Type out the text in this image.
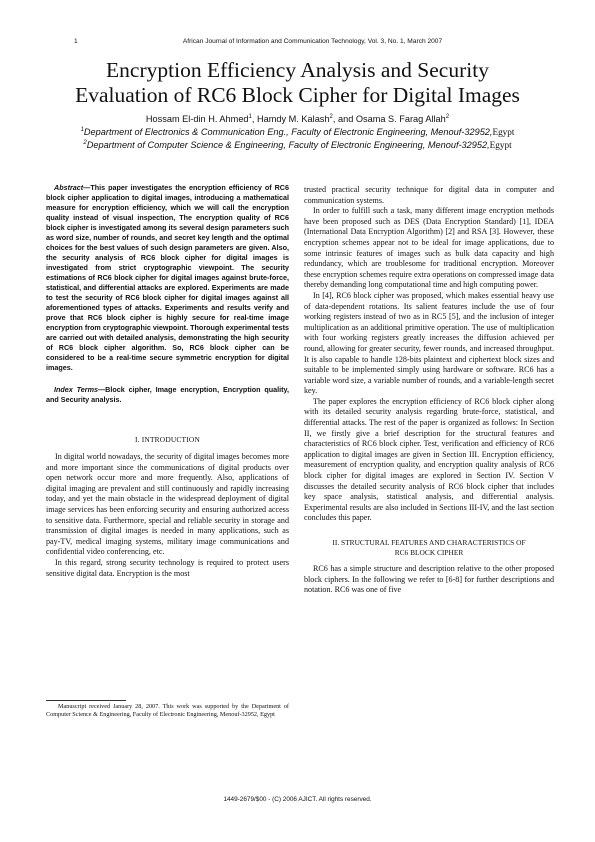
1	African Journal of Information and Communication Technology, Vol. 3, No. 1, March 2007
Encryption Efficiency Analysis and Security
Evaluation of RC6 Block Cipher for Digital Images
Hossam El-din H. Ahmed$^1$, Hamdy M. Kalash$^2$, and Osama S. Farag Allah$^2$
$^1$Department of Electronics & Communication Eng., Faculty of Electronic Engineering, Menouf-32952,Egypt
$^2$Department of Computer Science & Engineering, Faculty of Electronic Engineering, Menouf-32952,Egypt

Abstract—This paper investigates the encryption efficiency of RC6 block cipher application to digital images, introducing a mathematical measure for encryption efficiency, which we will call the encryption quality instead of visual inspection, The encryption quality of RC6 block cipher is investigated among its several design parameters such as word size, number of rounds, and secret key length and the optimal choices for the best values of such design parameters are given. Also, the security analysis of RC6 block cipher for digital images is investigated from strict cryptographic viewpoint. The security estimations of RC6 block cipher for digital images against brute-force, statistical, and differential attacks are explored. Experiments are made to test the security of RC6 block cipher for digital images against all aforementioned types of attacks. Experiments and results verify and prove that RC6 block cipher is highly secure for real-time image encryption from cryptographic viewpoint. Thorough experimental tests are carried out with detailed analysis, demonstrating the high security of RC6 block cipher algorithm. So, RC6 block cipher can be considered to be a real-time secure symmetric encryption for digital images.

Index Terms—Block cipher, Image encryption, Encryption quality, and Security analysis.

I. INTRODUCTION

In digital world nowadays, the security of digital images becomes more and more important since the communications of digital products over open network occur more and more frequently. Also, applications of digital imaging are prevalent and still continuously and rapidly increasing today, and yet the main obstacle in the widespread deployment of digital image services has been enforcing security and ensuring authorized access to sensitive data. Furthermore, special and reliable security in storage and transmission of digital images is needed in many applications, such as pay-TV, medical imaging systems, military image communications and confidential video conferencing, etc.

In this regard, strong security technology is required to protect users sensitive digital data. Encryption is the most

Manuscript received January 28, 2007. This work was supported by the Department of Computer Science & Engineering, Faculty of Electronic Engineering, Menouf-32952, Egypt

trusted practical security technique for digital data in computer and communication systems.

In order to fulfill such a task, many different image encryption methods have been proposed such as DES (Data Encryption Standard) [1], IDEA (International Data Encryption Algorithm) [2] and RSA [3]. However, these encryption schemes appear not to be ideal for image applications, due to some intrinsic features of images such as bulk data capacity and high redundancy, which are troublesome for traditional encryption. Moreover these encryption schemes require extra operations on compressed image data thereby demanding long computational time and high computing power.

In [4], RC6 block cipher was proposed, which makes essential heavy use of data-dependent rotations. Its salient features include the use of four working registers instead of two as in RC5 [5], and the inclusion of integer multiplication as an additional primitive operation. The use of multiplication with four working registers greatly increases the diffusion achieved per round, allowing for greater security, fewer rounds, and increased throughput. It is also capable to handle 128-bits plaintext and ciphertext block sizes and suitable to be implemented simply using hardware or software. RC6 has a variable word size, a variable number of rounds, and a variable-length secret key.

The paper explores the encryption efficiency of RC6 block cipher along with its detailed security analysis regarding brute-force, statistical, and differential attacks. The rest of the paper is organized as follows: In Section II, we firstly give a brief description for the structural features and characteristics of RC6 block cipher. Test, verification and efficiency of RC6 application to digital images are given in Section III. Encryption efficiency, measurement of encryption quality, and encryption quality analysis of RC6 block cipher for digital images are explored in Section IV. Section V discusses the detailed security analysis of RC6 block cipher that includes key space analysis, statistical analysis, and differential analysis. Experimental results are also included in Sections III-IV, and the last section concludes this paper.

II. STRUCTURAL FEATURES AND CHARACTERISTICS OF
RC6 BLOCK CIPHER

RC6 has a simple structure and description relative to the other proposed block ciphers. In the following we refer to [6-8] for further descriptions and notation. RC6 was one of five

1449-2679/$00 - (C) 2006 AJICT. All rights reserved.
